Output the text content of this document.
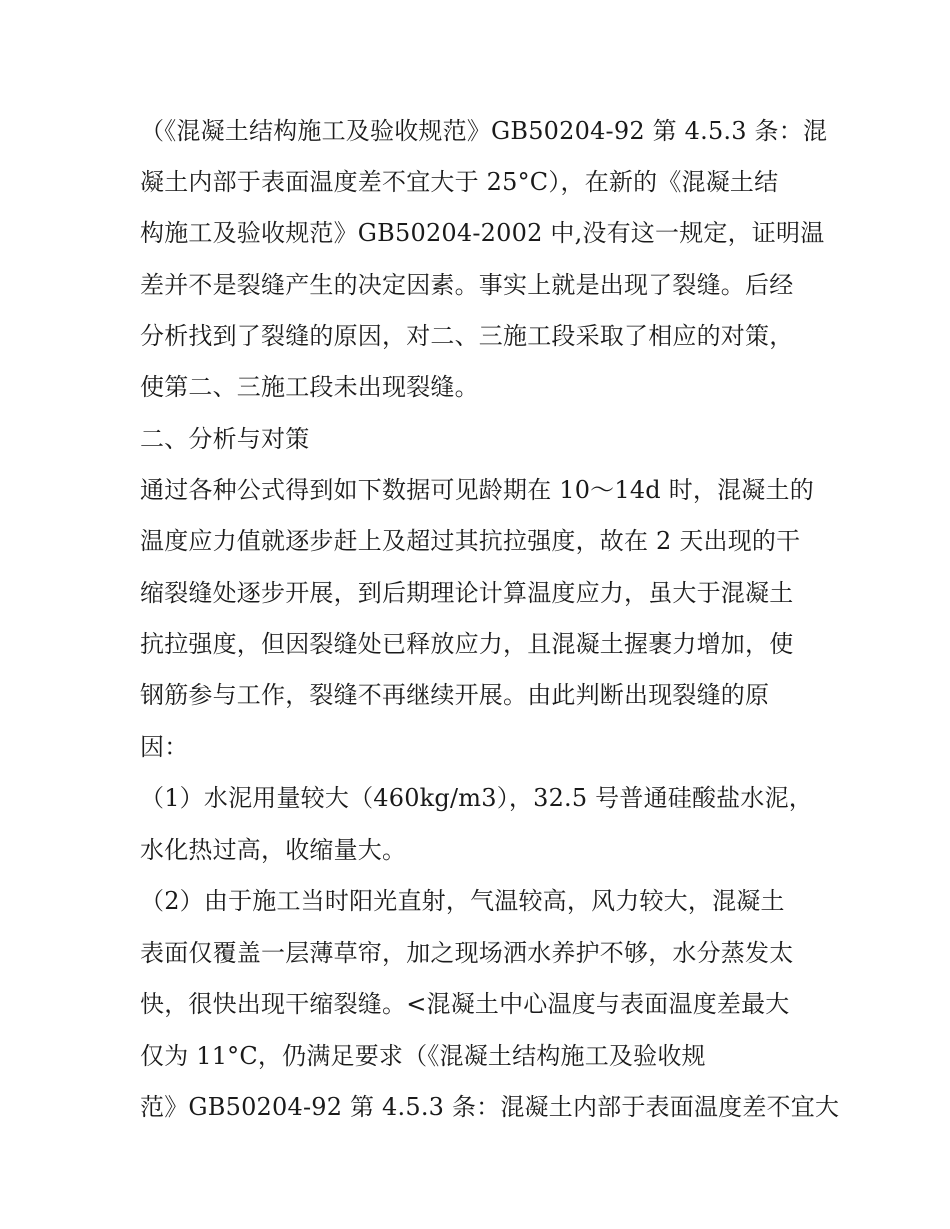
（《混凝土结构施工及验收规范》GB50204-92 第 4.5.3 条：混
凝土内部于表面温度差不宜大于 25°C），在新的《混凝土结
构施工及验收规范》GB50204-2002 中,没有这一规定，证明温
差并不是裂缝产生的决定因素。事实上就是出现了裂缝。后经
分析找到了裂缝的原因，对二、三施工段采取了相应的对策，
使第二、三施工段未出现裂缝。
二、分析与对策
通过各种公式得到如下数据可见龄期在 10～14d 时，混凝土的
温度应力值就逐步赶上及超过其抗拉强度，故在 2 天出现的干
缩裂缝处逐步开展，到后期理论计算温度应力，虽大于混凝土
抗拉强度，但因裂缝处已释放应力，且混凝土握裹力增加，使
钢筋参与工作，裂缝不再继续开展。由此判断出现裂缝的原
因：
（1）水泥用量较大（460kg/m3），32.5 号普通硅酸盐水泥，
水化热过高，收缩量大。
（2）由于施工当时阳光直射，气温较高，风力较大，混凝土
表面仅覆盖一层薄草帘，加之现场洒水养护不够，水分蒸发太
快，很快出现干缩裂缝。<混凝土中心温度与表面温度差最大
仅为 11°C，仍满足要求（《混凝土结构施工及验收规
范》GB50204-92 第 4.5.3 条：混凝土内部于表面温度差不宜大
